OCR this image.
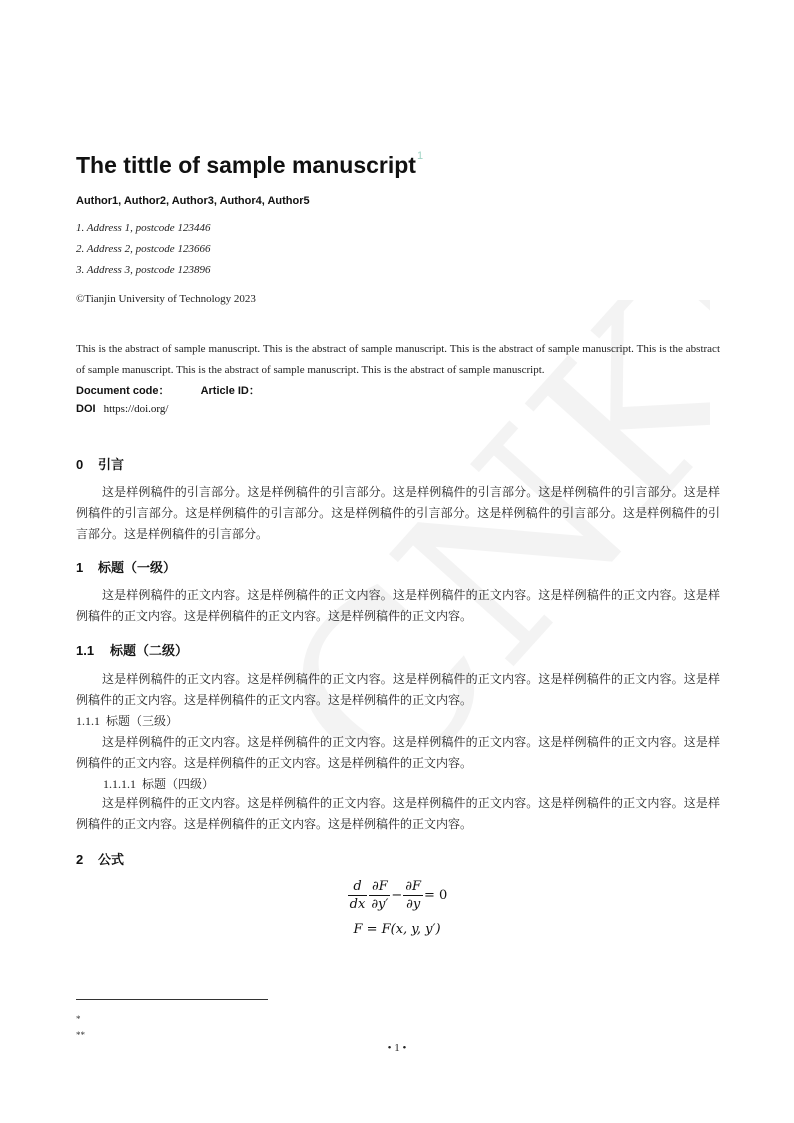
The tittle of sample manuscript$^1$
Author1, Author2, Author3, Author4, Author5
1. Address 1, postcode 123446
2. Address 2, postcode 123666
3. Address 3, postcode 123896
©Tianjin University of Technology 2023
This is the abstract of sample manuscript. This is the abstract of sample manuscript. This is the abstract of sample manuscript. This is the abstract of sample manuscript. This is the abstract of sample manuscript. This is the abstract of sample manuscript.
Document code：	Article ID：
DOI https://doi.org/
0 引言
这是样例稿件的引言部分。这是样例稿件的引言部分。这是样例稿件的引言部分。这是样例稿件的引言部分。这是样例稿件的引言部分。这是样例稿件的引言部分。这是样例稿件的引言部分。这是样例稿件的引言部分。这是样例稿件的引言部分。这是样例稿件的引言部分。
1 标题（一级）
这是样例稿件的正文内容。这是样例稿件的正文内容。这是样例稿件的正文内容。这是样例稿件的正文内容。这是样例稿件的正文内容。这是样例稿件的正文内容。这是样例稿件的正文内容。
1.1 标题（二级）
这是样例稿件的正文内容。这是样例稿件的正文内容。这是样例稿件的正文内容。这是样例稿件的正文内容。这是样例稿件的正文内容。这是样例稿件的正文内容。这是样例稿件的正文内容。
1.1.1 标题（三级）
这是样例稿件的正文内容。这是样例稿件的正文内容。这是样例稿件的正文内容。这是样例稿件的正文内容。这是样例稿件的正文内容。这是样例稿件的正文内容。这是样例稿件的正文内容。
1.1.1.1 标题（四级）
这是样例稿件的正文内容。这是样例稿件的正文内容。这是样例稿件的正文内容。这是样例稿件的正文内容。这是样例稿件的正文内容。这是样例稿件的正文内容。这是样例稿件的正文内容。
2 公式
$\frac{d}{dx} \frac{\partial F}{\partial y'} - \frac{\partial F}{\partial y} = 0$
F = F(x, y, y′)
*
**
• 1 •
